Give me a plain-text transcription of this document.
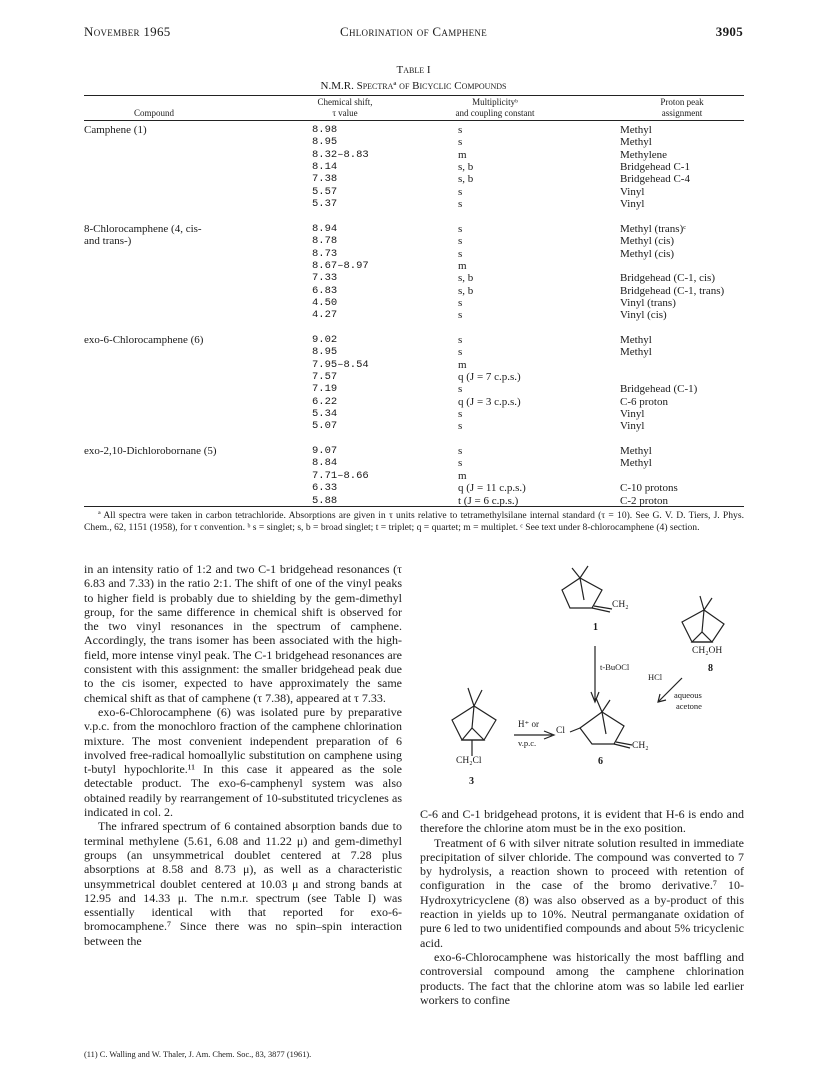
November 1965	Chlorination of Camphene	3905
Table I
N.M.R. Spectraª of Bicyclic Compounds
Compound
Chemical shift,
τ value
Multiplicityᵇ
and coupling constant
Proton peak
assignment
Camphene (1)	8.98	s	Methyl
8.95	s	Methyl
8.32–8.83	m	Methylene
8.14	s, b	Bridgehead C-1
7.38	s, b	Bridgehead C-4
5.57	s	Vinyl
5.37	s	Vinyl
8-Chlorocamphene (4, cis-	8.94	s	Methyl (trans)ᶜ
and trans-)	8.78	s	Methyl (cis)
8.73	s	Methyl (cis)
8.67–8.97	m
7.33	s, b	Bridgehead (C-1, cis)
6.83	s, b	Bridgehead (C-1, trans)
4.50	s	Vinyl (trans)
4.27	s	Vinyl (cis)
exo-6-Chlorocamphene (6)	9.02	s	Methyl
8.95	s	Methyl
7.95–8.54	m
7.57	q (J = 7 c.p.s.)
7.19	s	Bridgehead (C-1)
6.22	q (J = 3 c.p.s.)	C-6 proton
5.34	s	Vinyl
5.07	s	Vinyl
exo-2,10-Dichlorobornane (5)	9.07	s	Methyl
8.84	s	Methyl
7.71–8.66	m
6.33	q (J = 11 c.p.s.)	C-10 protons
5.88	t (J = 6 c.p.s.)	C-2 proton
ª All spectra were taken in carbon tetrachloride. Absorptions are given in τ units relative to tetramethylsilane internal standard (τ = 10). See G. V. D. Tiers, J. Phys. Chem., 62, 1151 (1958), for τ convention. ᵇ s = singlet; s, b = broad singlet; t = triplet; q = quartet; m = multiplet. ᶜ See text under 8-chlorocamphene (4) section.

in an intensity ratio of 1:2 and two C-1 bridgehead resonances (τ 6.83 and 7.33) in the ratio 2:1. The shift of one of the vinyl peaks to higher field is probably due to shielding by the gem-dimethyl group, for the same difference in chemical shift is observed for the two vinyl resonances in the spectrum of camphene. Accordingly, the trans isomer has been associated with the high-field, more intense vinyl peak. The C-1 bridgehead resonances are consistent with this assignment: the smaller bridgehead peak due to the cis isomer, expected to have approximately the same chemical shift as that of camphene (τ 7.38), appeared at τ 7.33.

exo-6-Chlorocamphene (6) was isolated pure by preparative v.p.c. from the monochloro fraction of the camphene chlorination mixture. The most convenient independent preparation of 6 involved free-radical homoallylic substitution on camphene using t-butyl hypochlorite.¹¹ In this case it appeared as the sole detectable product. The exo-6-camphenyl system was also obtained readily by rearrangement of 10-substituted tricyclenes as indicated in col. 2.

The infrared spectrum of 6 contained absorption bands due to terminal methylene (5.61, 6.08 and 11.22 μ) and gem-dimethyl groups (an unsymmetrical doublet centered at 7.28 plus absorptions at 8.58 and 8.73 μ), as well as a characteristic unsymmetrical doublet centered at 10.03 μ and strong bands at 12.95 and 14.33 μ. The n.m.r. spectrum (see Table I) was essentially identical with that reported for exo-6-bromocamphene.⁷ Since there was no spin–spin interaction between the

(11) C. Walling and W. Thaler, J. Am. Chem. Soc., 83, 3877 (1961).
CH₂
1
t-BuOCl
CH₂OH
8
HCl
aqueous
acetone
H⁺ or
v.p.c.
Cl
CH₂
6
CH₂Cl
3

C-6 and C-1 bridgehead protons, it is evident that H-6 is endo and therefore the chlorine atom must be in the exo position.

Treatment of 6 with silver nitrate solution resulted in immediate precipitation of silver chloride. The compound was converted to 7 by hydrolysis, a reaction shown to proceed with retention of configuration in the case of the bromo derivative.⁷ 10-Hydroxytricyclene (8) was also observed as a by-product of this reaction in yields up to 10%. Neutral permanganate oxidation of pure 6 led to two unidentified compounds and about 5% tricyclenic acid.

exo-6-Chlorocamphene was historically the most baffling and controversial compound among the camphene chlorination products. The fact that the chlorine atom was so labile led earlier workers to confine
